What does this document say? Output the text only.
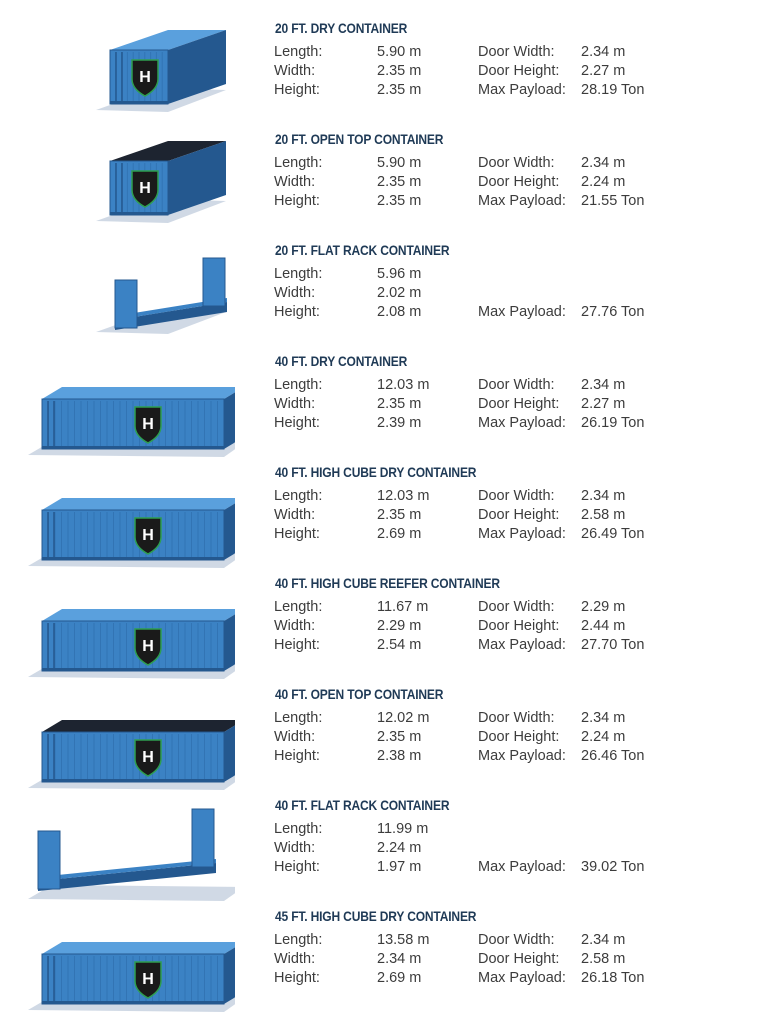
H
20 FT. DRY CONTAINER
Length:	5.90 m	Door Width: 2.34 m
Width:	2.35 m	Door Height: 2.27 m
Height:	2.35 m	Max Payload: 28.19 Ton
H
20 FT. OPEN TOP CONTAINER
Length:	5.90 m	Door Width: 2.34 m
Width:	2.35 m	Door Height: 2.24 m
Height:	2.35 m	Max Payload: 21.55 Ton
20 FT. FLAT RACK CONTAINER
Length:	5.96 m
Width:	2.02 m
Height:	2.08 m	Max Payload: 27.76 Ton
H
40 FT. DRY CONTAINER
Length:	12.03 m	Door Width: 2.34 m
Width:	2.35 m	Door Height: 2.27 m
Height:	2.39 m	Max Payload: 26.19 Ton
H
40 FT. HIGH CUBE DRY CONTAINER
Length:	12.03 m	Door Width: 2.34 m
Width:	2.35 m	Door Height: 2.58 m
Height:	2.69 m	Max Payload: 26.49 Ton
H
40 FT. HIGH CUBE REEFER CONTAINER
Length:	11.67 m	Door Width: 2.29 m
Width:	2.29 m	Door Height: 2.44 m
Height:	2.54 m	Max Payload: 27.70 Ton
H
40 FT. OPEN TOP CONTAINER
Length:	12.02 m	Door Width: 2.34 m
Width:	2.35 m	Door Height: 2.24 m
Height:	2.38 m	Max Payload: 26.46 Ton
40 FT. FLAT RACK CONTAINER
Length:	11.99 m
Width:	2.24 m
Height:	1.97 m	Max Payload: 39.02 Ton
H
45 FT. HIGH CUBE DRY CONTAINER
Length:	13.58 m	Door Width: 2.34 m
Width:	2.34 m	Door Height: 2.58 m
Height:	2.69 m	Max Payload: 26.18 Ton
